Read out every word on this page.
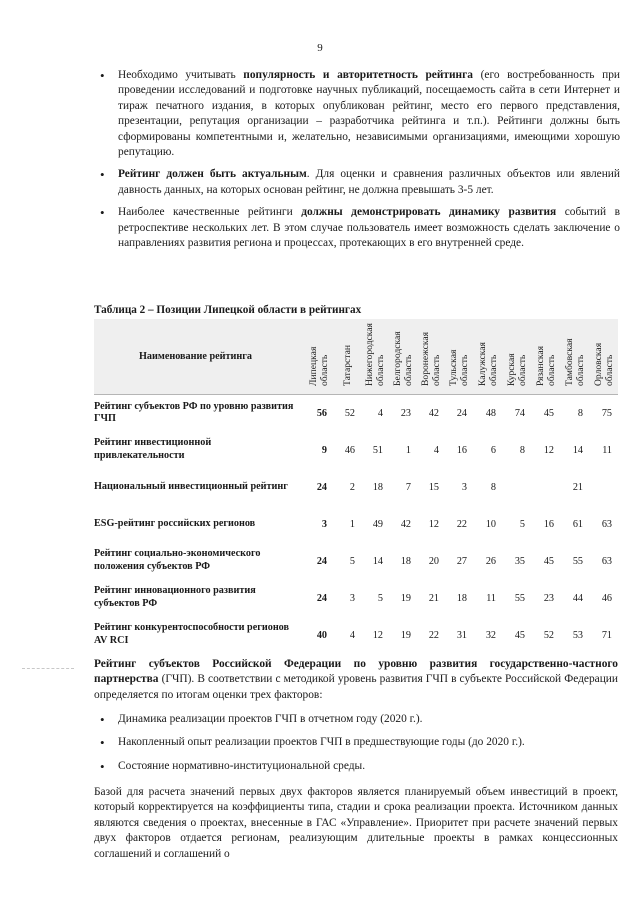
9
• Необходимо учитывать популярность и авторитетность рейтинга (его востребованность при проведении исследований и подготовке научных публикаций, посещаемость сайта в сети Интернет и тираж печатного издания, в которых опубликован рейтинг, место его первого представления, презентации, репутация организации – разработчика рейтинга и т.п.). Рейтинги должны быть сформированы компетентными и, желательно, независимыми организациями, имеющими хорошую репутацию.
• Рейтинг должен быть актуальным. Для оценки и сравнения различных объектов или явлений давность данных, на которых основан рейтинг, не должна превышать 3-5 лет.
• Наиболее качественные рейтинги должны демонстрировать динамику развития событий в ретроспективе нескольких лет. В этом случае пользователь имеет возможность сделать заключение о направлениях развития региона и процессах, протекающих в его внутренней среде.
Таблица 2 – Позиции Липецкой области в рейтингах
Наименование рейтинга	Липецкая область	Татарстан	Нижегородская область	Белгородская область	Воронежская область	Тульская область	Калужская область	Курская область	Рязанская область	Тамбовская область	Орловская область
Рейтинг субъектов РФ по уровню развития ГЧП	56	52	4	23	42	24	48	74	45	8	75
Рейтинг инвестиционной привлекательности	9	46	51	1	4	16	6	8	12	14	11
Национальный инвестиционный рейтинг	24	2	18	7	15	3	8			21	
ESG-рейтинг российских регионов	3	1	49	42	12	22	10	5	16	61	63
Рейтинг социально-экономического положения субъектов РФ	24	5	14	18	20	27	26	35	45	55	63
Рейтинг инновационного развития субъектов РФ	24	3	5	19	21	18	11	55	23	44	46
Рейтинг конкурентоспособности регионов AV RCI	40	4	12	19	22	31	32	45	52	53	71

Рейтинг субъектов Российской Федерации по уровню развития государственно-частного партнерства (ГЧП). В соответствии с методикой уровень развития ГЧП в субъекте Российской Федерации определяется по итогам оценки трех факторов:

• Динамика реализации проектов ГЧП в отчетном году (2020 г.).
• Накопленный опыт реализации проектов ГЧП в предшествующие годы (до 2020 г.).
• Состояние нормативно-институциональной среды.

Базой для расчета значений первых двух факторов является планируемый объем инвестиций в проект, который корректируется на коэффициенты типа, стадии и срока реализации проекта. Источником данных являются сведения о проектах, внесенные в ГАС «Управление». Приоритет при расчете значений первых двух факторов отдается регионам, реализующим длительные проекты в рамках концессионных соглашений и соглашений о
